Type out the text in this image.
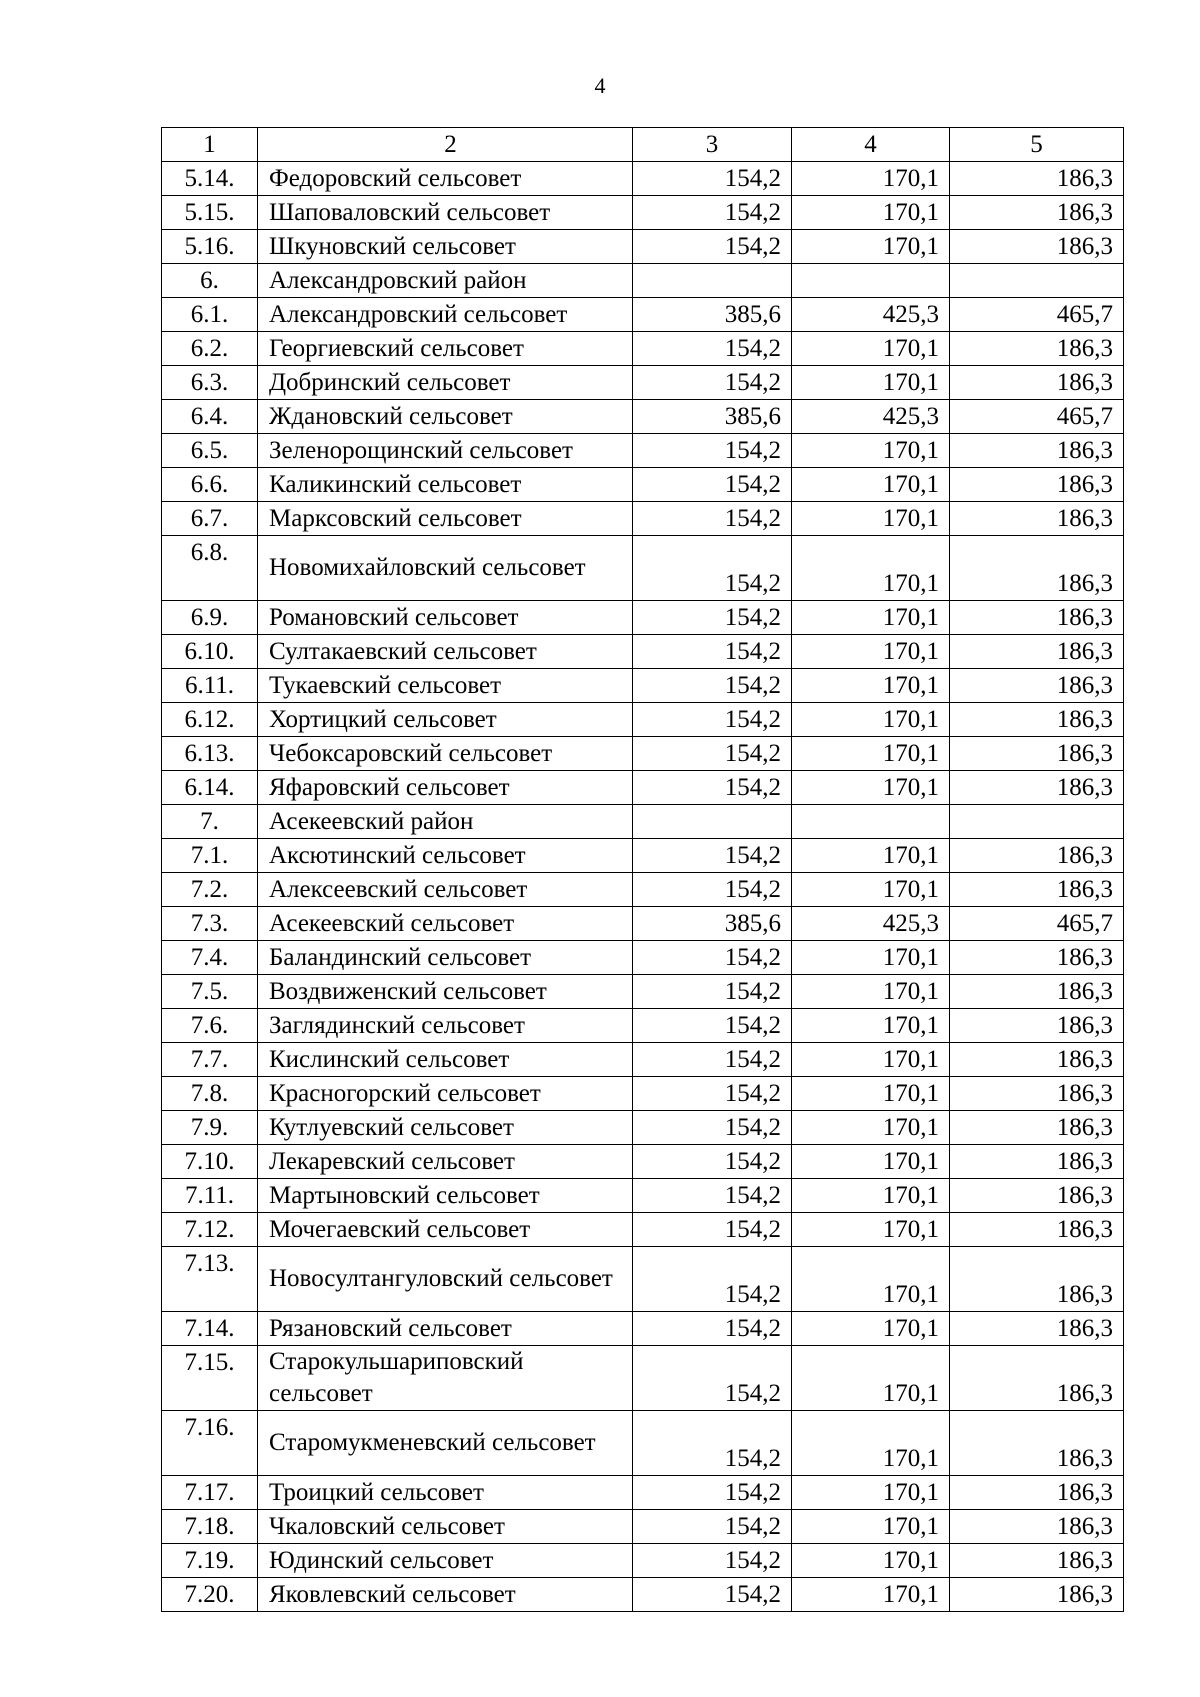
4
1	2	3	4	5
5.14.	Федоровский сельсовет	154,2	170,1	186,3
5.15.	Шаповаловский сельсовет	154,2	170,1	186,3
5.16.	Шкуновский сельсовет	154,2	170,1	186,3
6.	Александровский район			
6.1.	Александровский сельсовет	385,6	425,3	465,7
6.2.	Георгиевский сельсовет	154,2	170,1	186,3
6.3.	Добринский сельсовет	154,2	170,1	186,3
6.4.	Ждановский сельсовет	385,6	425,3	465,7
6.5.	Зеленорощинский сельсовет	154,2	170,1	186,3
6.6.	Каликинский сельсовет	154,2	170,1	186,3
6.7.	Марксовский сельсовет	154,2	170,1	186,3
6.8.	Новомихайловский сельсовет	154,2	170,1	186,3
6.9.	Романовский сельсовет	154,2	170,1	186,3
6.10.	Султакаевский сельсовет	154,2	170,1	186,3
6.11.	Тукаевский сельсовет	154,2	170,1	186,3
6.12.	Хортицкий сельсовет	154,2	170,1	186,3
6.13.	Чебоксаровский сельсовет	154,2	170,1	186,3
6.14.	Яфаровский сельсовет	154,2	170,1	186,3
7.	Асекеевский район			
7.1.	Аксютинский сельсовет	154,2	170,1	186,3
7.2.	Алексеевский сельсовет	154,2	170,1	186,3
7.3.	Асекеевский сельсовет	385,6	425,3	465,7
7.4.	Баландинский сельсовет	154,2	170,1	186,3
7.5.	Воздвиженский сельсовет	154,2	170,1	186,3
7.6.	Заглядинский сельсовет	154,2	170,1	186,3
7.7.	Кислинский сельсовет	154,2	170,1	186,3
7.8.	Красногорский сельсовет	154,2	170,1	186,3
7.9.	Кутлуевский сельсовет	154,2	170,1	186,3
7.10.	Лекаревский сельсовет	154,2	170,1	186,3
7.11.	Мартыновский сельсовет	154,2	170,1	186,3
7.12.	Мочегаевский сельсовет	154,2	170,1	186,3
7.13.	Новосултангуловский сельсовет	154,2	170,1	186,3
7.14.	Рязановский сельсовет	154,2	170,1	186,3
7.15.	Старокульшариповский сельсовет	154,2	170,1	186,3
7.16.	Старомукменевский сельсовет	154,2	170,1	186,3
7.17.	Троицкий сельсовет	154,2	170,1	186,3
7.18.	Чкаловский сельсовет	154,2	170,1	186,3
7.19.	Юдинский сельсовет	154,2	170,1	186,3
7.20.	Яковлевский сельсовет	154,2	170,1	186,3
